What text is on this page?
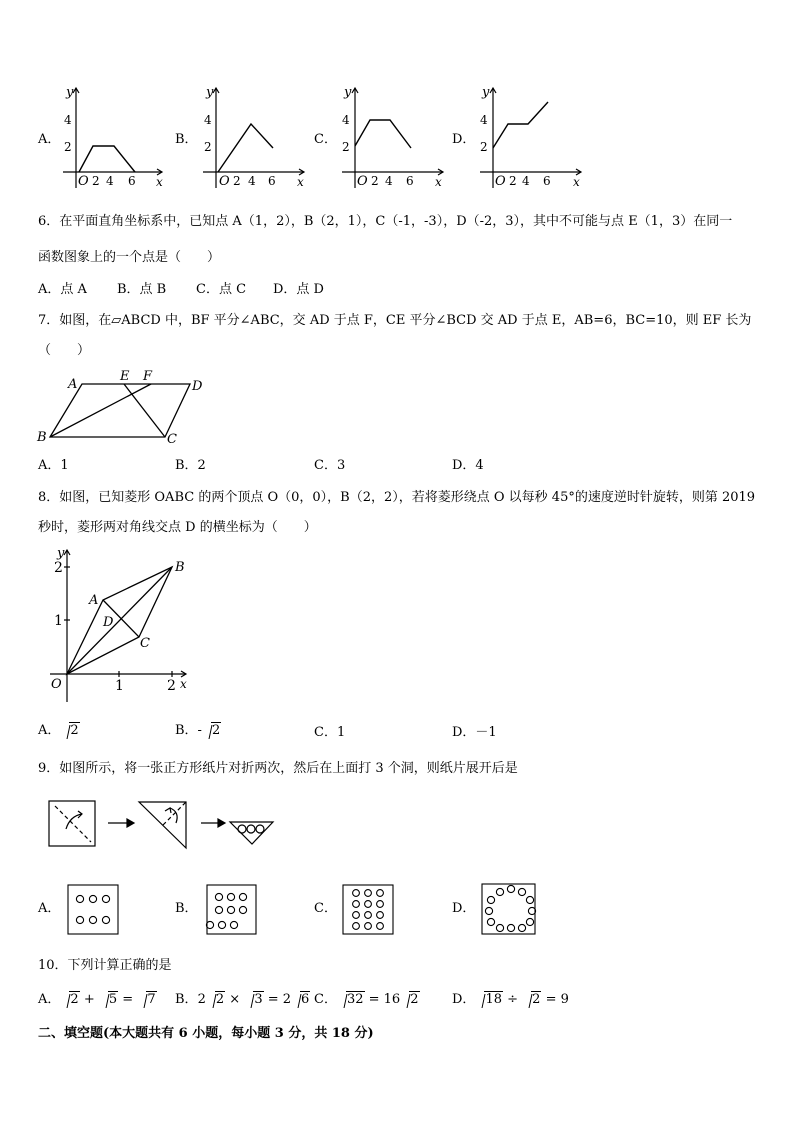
A．	B．	C．	D．
y
x
O 2 4 6
2
4
y
x
O 2 4 6
2
4
y
x
O 2 4 6
2
4
y
x
O 2 4 6
2
4
6．在平面直角坐标系中，已知点 A（1，2），B（2，1），C（-1，-3），D（-2，3），其中不可能与点 E（1，3）在同一
函数图象上的一个点是（　　）
A．点 A B．点 B C．点 C D．点 D
7．如图，在▱ABCD 中，BF 平分∠ABC，交 AD 于点 F，CE 平分∠BCD 交 AD 于点 E，AB=6，BC=10，则 EF 长为
（　　）
A	D
B	C
E F
A．1	B．2	C．3	D．4
8．如图，已知菱形 OABC 的两个顶点 O（0，0），B（2，2），若将菱形绕点 O 以每秒 45°的速度逆时针旋转，则第 2019
秒时，菱形两对角线交点 D 的横坐标为（　　）
y
x
O	1	2
1
2
A
B
C
D
A． 2	B．- 2	C．1	D．－1
9．如图所示，将一张正方形纸片对折两次，然后在上面打 3 个洞，则纸片展开后是
A．	B．	C．	D．
10．下列计算正确的是
A． 2 + 5 = 7 B．2 2 × 3 = 2 6 C． 32 = 16 2	D． 18 ÷ 2 = 9
二、填空题(本大题共有 6 小题，每小题 3 分，共 18 分)
